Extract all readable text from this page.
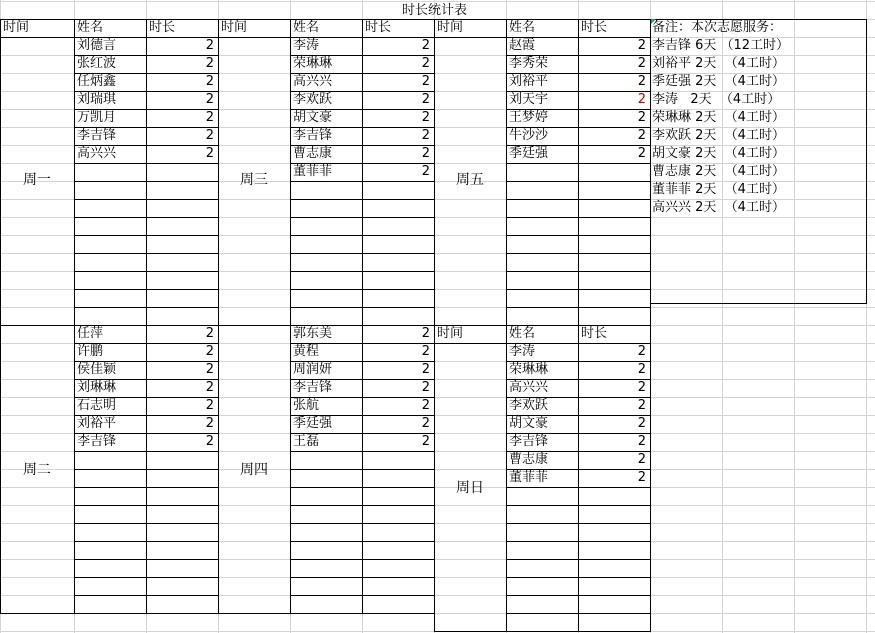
时长统计表
时间	姓名	时长
周一
刘德言	2
张红波	2
任炳鑫	2
刘瑞琪	2
万凯月	2
李吉锋	2
高兴兴	2
时间	姓名	时长
周三
李涛	2
荣琳琳	2
高兴兴	2
李欢跃	2
胡文豪	2
李吉锋	2
曹志康	2
董菲菲	2
时间	姓名	时长
周五
赵霞	2
李秀荣	2
刘裕平	2
刘天宇	2
王梦婷	2
牛沙沙	2
季廷强	2
周二
任萍	2
许鹏	2
侯佳颖	2
刘琳琳	2
石志明	2
刘裕平	2
李吉锋	2
周四
郭东美	2
黄程	2
周润妍	2
李吉锋	2
张航	2
季廷强	2
王磊	2
时间	姓名	时长
周日
李涛	2
荣琳琳	2
高兴兴	2
李欢跃	2
胡文豪	2
李吉锋	2
曹志康	2
董菲菲	2
备注：本次志愿服务：
李吉锋 6天 （12工时）
刘裕平 2天  （4工时）
季廷强 2天  （4工时）
李涛   2天  （4工时）
荣琳琳 2天  （4工时）
李欢跃 2天  （4工时）
胡文豪 2天  （4工时）
曹志康 2天  （4工时）
董菲菲 2天  （4工时）
高兴兴 2天  （4工时）
